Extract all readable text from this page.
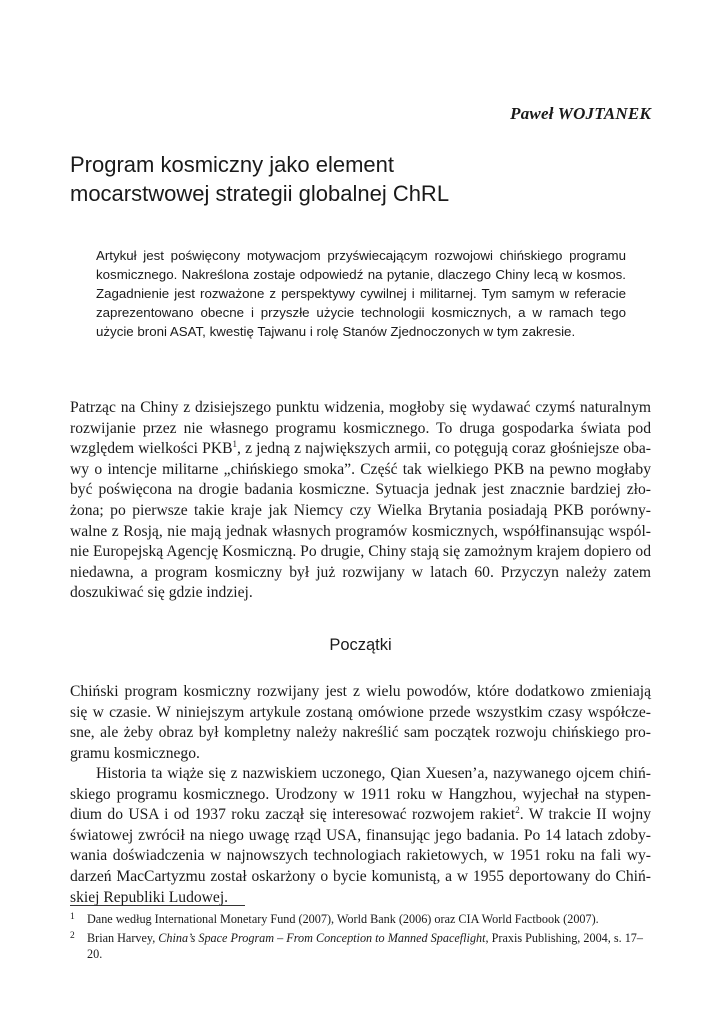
Paweł WOJTANEK
Program kosmiczny jako element
mocarstwowej strategii globalnej ChRL

Artykuł jest poświęcony motywacjom przyświecającym rozwojowi chińskiego programu kosmicznego. Nakreślona zostaje odpowiedź na pytanie, dlaczego Chiny lecą w kosmos. Zagadnienie jest rozważone z perspektywy cywilnej i militarnej. Tym samym w referacie zaprezentowano obecne i przyszłe użycie technologii kosmicznych, a w ramach tego użycie broni ASAT, kwestię Tajwanu i rolę Stanów Zjednoczonych w tym zakresie.

Patrząc na Chiny z dzisiejszego punktu widzenia, mogłoby się wydawać czymś naturalnym rozwijanie przez nie własnego programu kosmicznego. To druga gospodarka świata pod względem wielkości PKB$^1$, z jedną z największych armii, co potęgują coraz głośniejsze obawy o intencje militarne „chińskiego smoka”. Część tak wielkiego PKB na pewno mogłaby być poświęcona na drogie badania kosmiczne. Sytuacja jednak jest znacznie bardziej złożona; po pierwsze takie kraje jak Niemcy czy Wielka Brytania posiadają PKB porównywalne z Rosją, nie mają jednak własnych programów kosmicznych, współfinansując wspólnie Europejską Agencję Kosmiczną. Po drugie, Chiny stają się zamożnym krajem dopiero od niedawna, a program kosmiczny był już rozwijany w latach 60. Przyczyn należy zatem doszukiwać się gdzie indziej.

Początki

Chiński program kosmiczny rozwijany jest z wielu powodów, które dodatkowo zmieniają się w czasie. W niniejszym artykule zostaną omówione przede wszystkim czasy współczesne, ale żeby obraz był kompletny należy nakreślić sam początek rozwoju chińskiego programu kosmicznego.

Historia ta wiąże się z nazwiskiem uczonego, Qian Xuesen’a, nazywanego ojcem chińskiego programu kosmicznego. Urodzony w 1911 roku w Hangzhou, wyjechał na stypendium do USA i od 1937 roku zaczął się interesować rozwojem rakiet$^2$. W trakcie II wojny światowej zwrócił na niego uwagę rząd USA, finansując jego badania. Po 14 latach zdobywania doświadczenia w najnowszych technologiach rakietowych, w 1951 roku na fali wydarzeń MacCartyzmu został oskarżony o bycie komunistą, a w 1955 deportowany do Chińskiej Republiki Ludowej.

1 Dane według International Monetary Fund (2007), World Bank (2006) oraz CIA World Factbook (2007).

2 Brian Harvey, China’s Space Program – From Conception to Manned Spaceflight, Praxis Publishing, 2004, s. 17–20.
